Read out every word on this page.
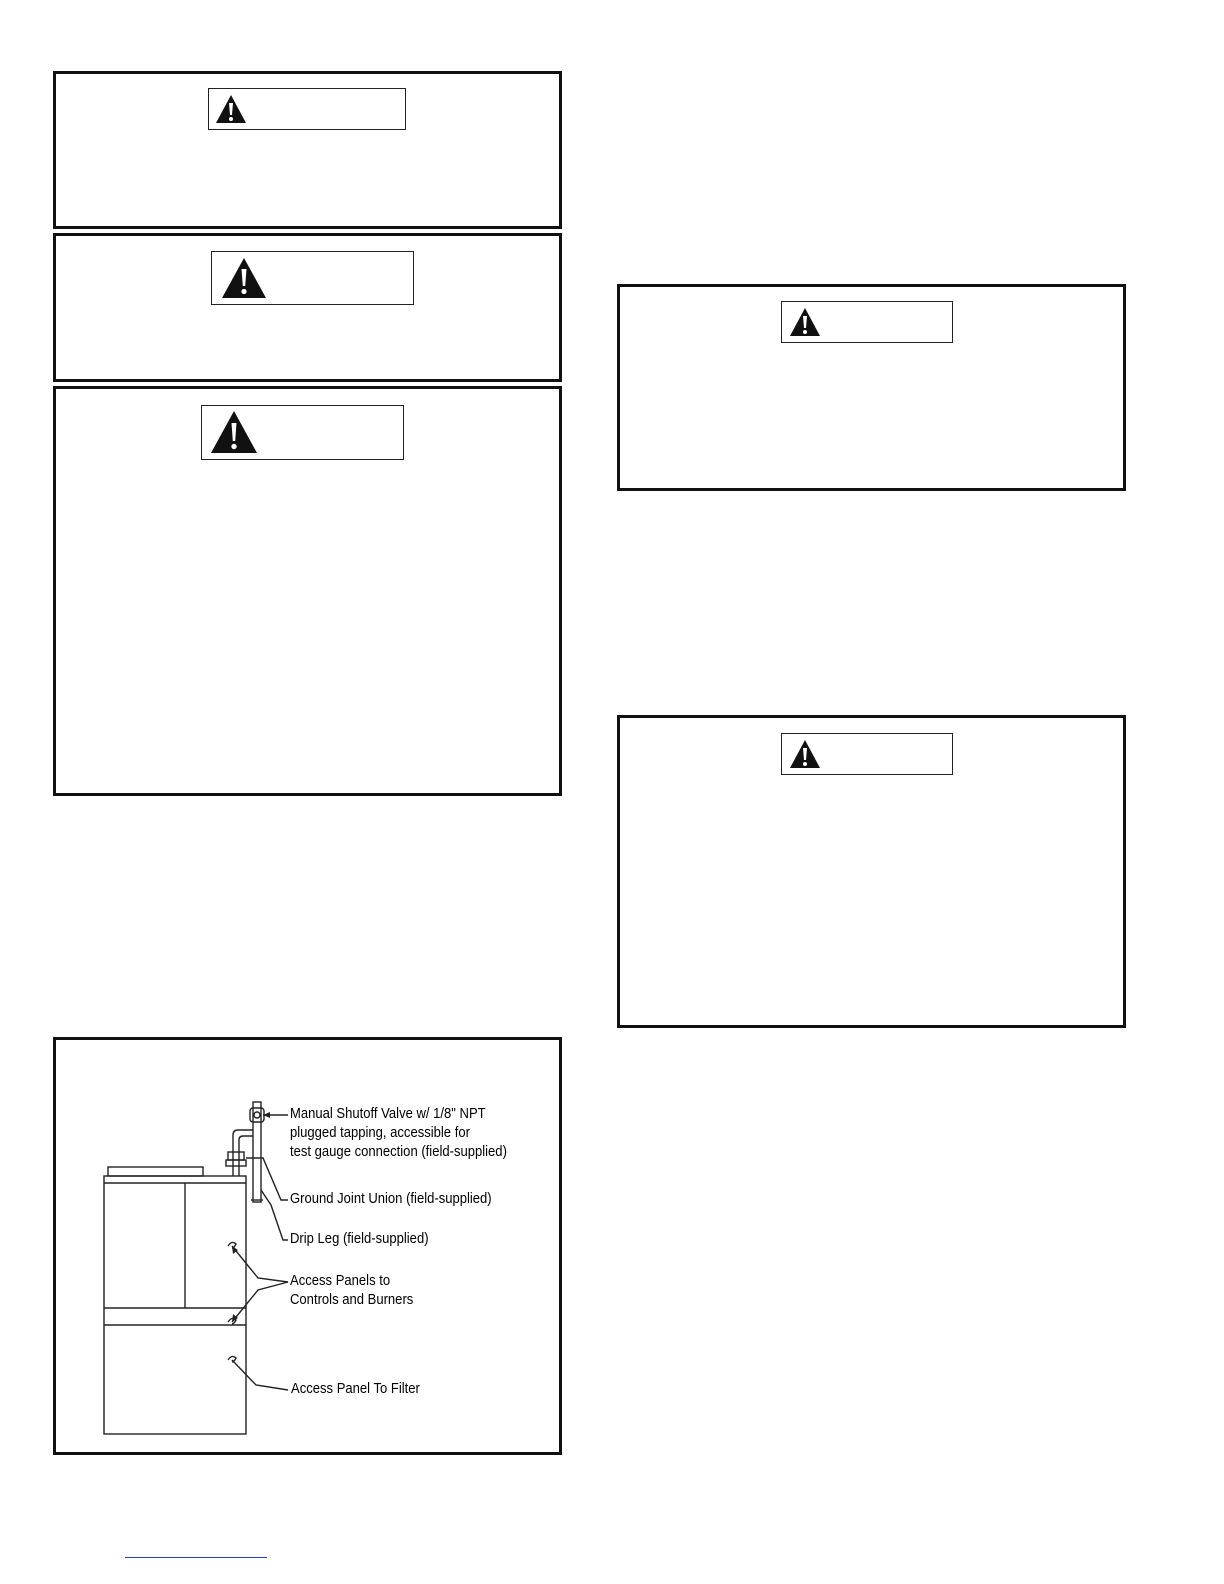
Manual Shutoff Valve w/ 1/8" NPT
plugged tapping, accessible for
test gauge connection (field-supplied)
Ground Joint Union (field-supplied)
Drip Leg (field-supplied)
Access Panels to
Controls and Burners
Access Panel To Filter
